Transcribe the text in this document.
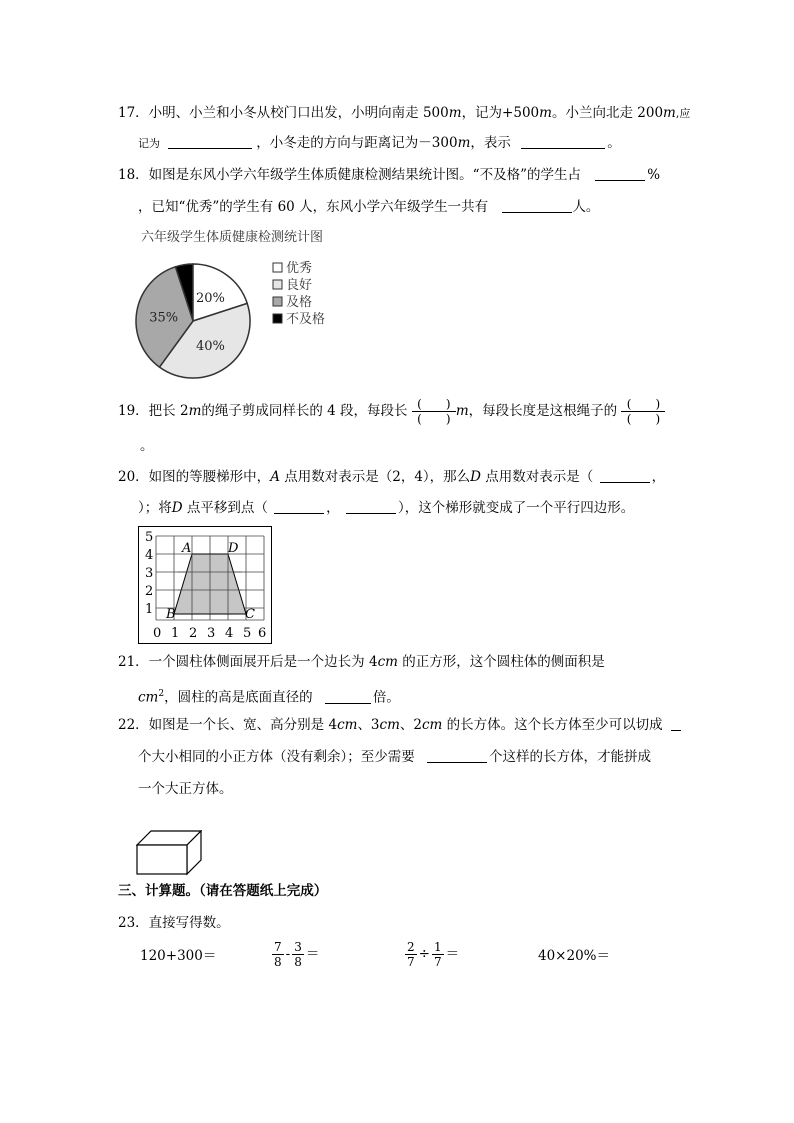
17．小明、小兰和小冬从校门口出发，小明向南走 500m，记为+500m。小兰向北走 200m,应
记为	，小冬走的方向与距离记为－300m，表示	。
18．如图是东风小学六年级学生体质健康检测结果统计图。“不及格”的学生占	%
，已知“优秀”的学生有 60 人，东风小学六年级学生一共有	人。
六年级学生体质健康检测统计图
20%
40%
35%
优秀
良好
及格
不及格
19．把长 2m的绳子剪成同样长的 4 段，每段长 $\frac{( )}{( )}$ m，每段长度是这根绳子的 $\frac{( )}{( )}$
。
20．如图的等腰梯形中，A 点用数对表示是（2，4），那么D 点用数对表示是（	，
）；将D 点平移到点（	，	），这个梯形就变成了一个平行四边形。
5
4
3
2
1
0 1 2 3 4 5 6
A	D
B	C
21．一个圆柱体侧面展开后是一个边长为 4cm 的正方形，这个圆柱体的侧面积是
$cm^2$，圆柱的高是底面直径的	倍。
22．如图是一个长、宽、高分别是 4cm、3cm、2cm 的长方体。这个长方体至少可以切成
个大小相同的小正方体（没有剩余）；至少需要	个这样的长方体，才能拼成
一个大正方体。
三、计算题。（请在答题纸上完成）
23．直接写得数。
120+300＝	$\frac{7}{8} - \frac{3}{8}$ ＝	$\frac{2}{7} \div \frac{1}{7}$ ＝	40×20%＝
